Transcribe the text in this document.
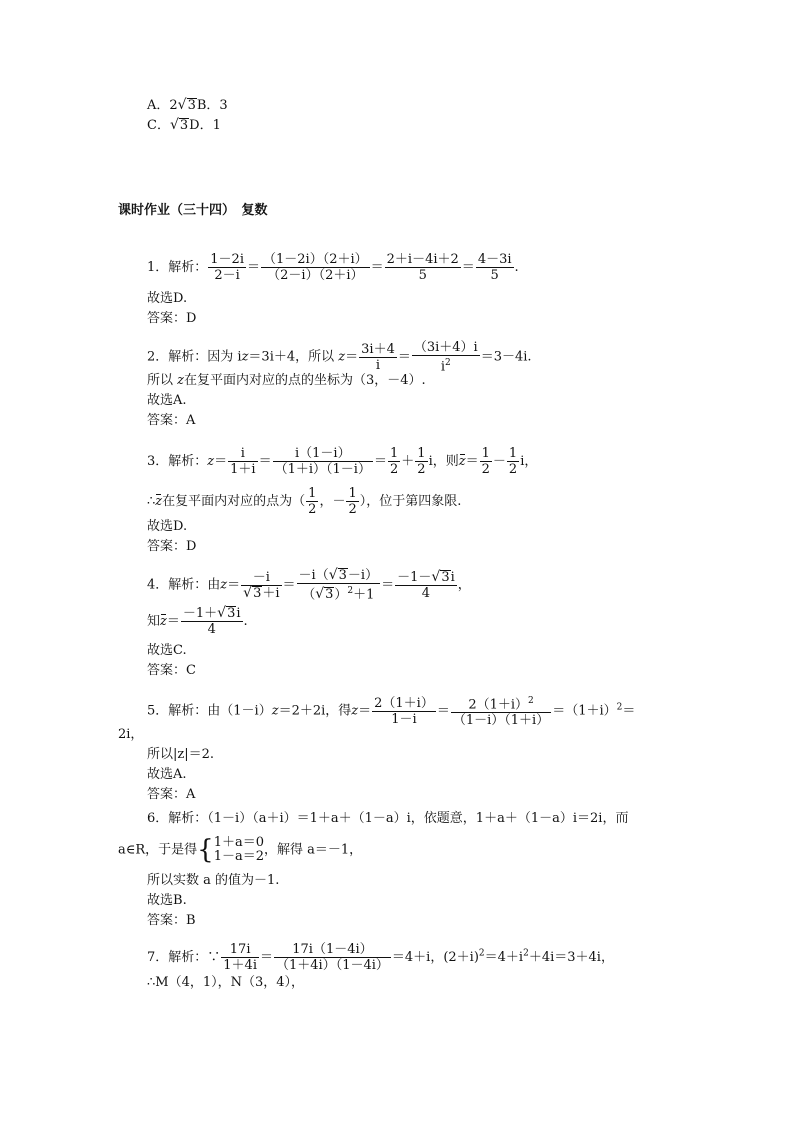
A．2√3B．3
C．√3D．1
课时作业（三十四）　复数
1．解析： $\frac{1-2i}{2-i} = \frac{(1-2i)(2+i)}{(2-i)(2+i)} = \frac{2+i-4i+2}{5} = \frac{4-3i}{5}$ .
故选D.
答案：D
2．解析：因为 iz＝3i＋4，所以 $z= \frac{3i+4}{i} = \frac{(3i+4)i}{i^2} =3-4i$.
所以 z在复平面内对应的点的坐标为（3，－4）.
故选A.
答案：A
3．解析：$z= \frac{i}{1+i} = \frac{i(1-i)}{(1+i)(1-i)} = \frac{1}{2} + \frac{1}{2}$ i，则$z= \frac{1}{2} - \frac{1}{2}$ i，
∴z在复平面内对应的点为（ $\frac{1}{2}$ ，－ $\frac{1}{2}$ ），位于第四象限.
故选D.
答案：D
4．解析：由$z= \frac{-i}{√3+i} = \frac{-i(√3-i)}{(√3)^2+1} = \frac{-1-√3i}{4}$ ，
知$z= \frac{-1+√3i}{4}$ .
故选C.
答案：C
5．解析：由（1－i）z＝2＋2i，得$z= \frac{2(1+i)}{1-i} = \frac{2(1+i)^2}{(1-i)(1+i)} =(1+i)^2=$
2i，
所以|z|＝2.
故选A.
答案：A
6．解析：（1－i）（a＋i）＝1＋a＋（1－a）i，依题意，1＋a＋（1－a）i＝2i，而
a∈R，于是得{ 1＋a＝0
1－a＝2 ，解得 a＝－1，
所以实数 a 的值为－1.
故选B.
答案：B
7．解析：∵ $\frac{17i}{1+4i} = \frac{17i(1-4i)}{(1+4i)(1-4i)} =4+i$，$(2+i)^2=4+i^2+4i=3+4i$，
∴M（4，1），N（3，4），
